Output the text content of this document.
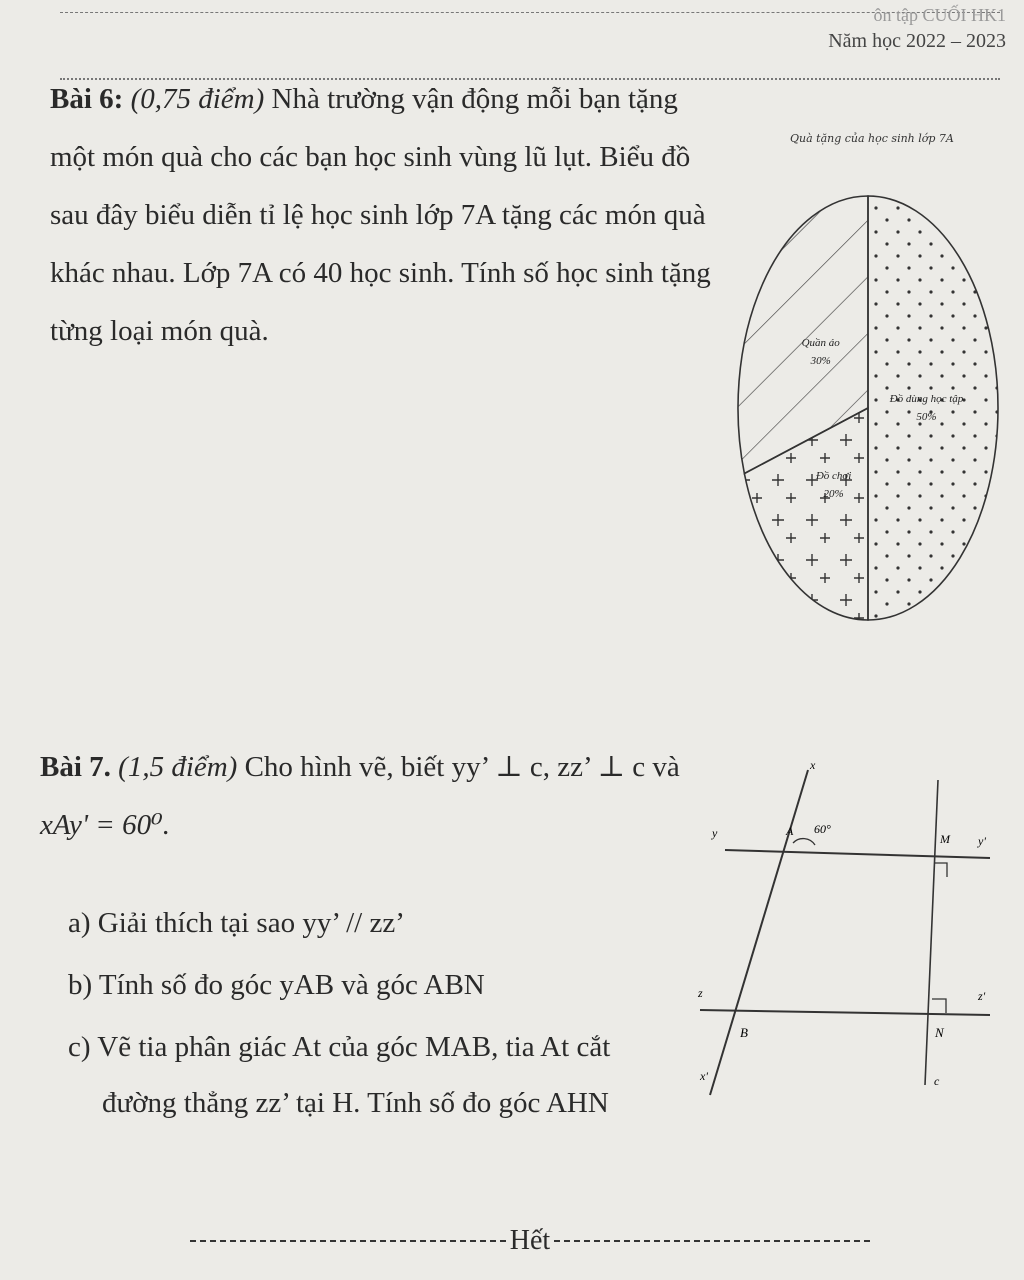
ôn tập CUỐI HK1
Năm học 2022 – 2023
Bài 6: (0,75 điểm) Nhà trường vận động mỗi bạn tặng một món quà cho các bạn học sinh vùng lũ lụt. Biểu đồ sau đây biểu diễn tỉ lệ học sinh lớp 7A tặng các món quà khác nhau. Lớp 7A có 40 học sinh. Tính số học sinh tặng từng loại món quà.
Quà tặng của học sinh lớp 7A
Đồ dùng học tập
50%
Đồ chơi
20%
Quần áo
30%
Bài 7. (1,5 điểm) Cho hình vẽ, biết yy’ ⊥ c, zz’ ⊥ c và
xAy' = 60⁰.
a) Giải thích tại sao yy’ // zz’
b) Tính số đo góc yAB và góc ABN
c) Vẽ tia phân giác At của góc MAB, tia At cắt
đường thẳng zz’ tại H. Tính số đo góc AHN
x
y	A 60°
M y'
z	z'
B	N
x'	c
Hết
